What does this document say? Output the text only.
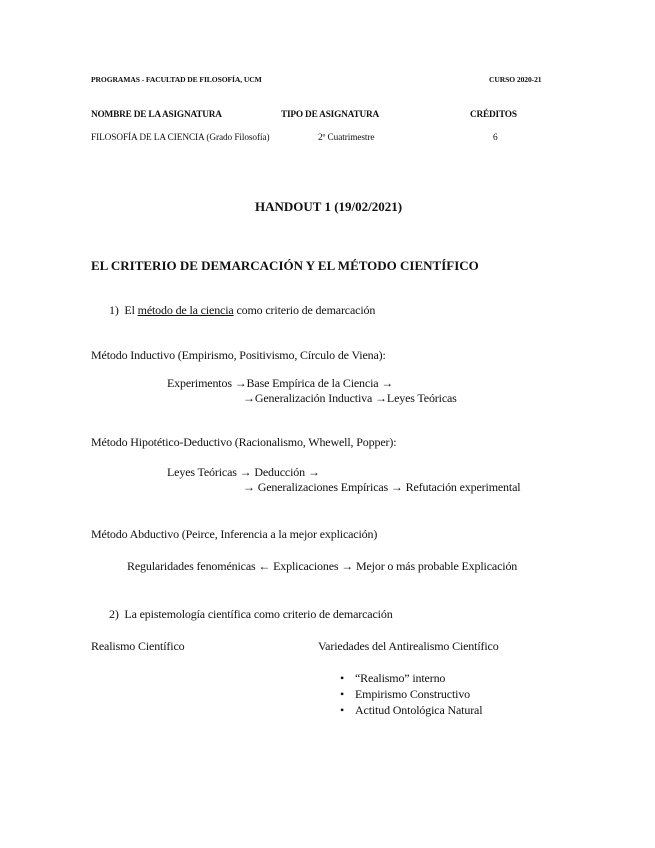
PROGRAMAS - FACULTAD DE FILOSOFÍA, UCM	CURSO 2020-21
NOMBRE DE LA ASIGNATURA	TIPO DE ASIGNATURA	CRÉDITOS
FILOSOFÍA DE LA CIENCIA (Grado Filosofía)	2º Cuatrimestre	6
HANDOUT 1 (19/02/2021)
EL CRITERIO DE DEMARCACIÓN Y EL MÉTODO CIENTÍFICO
1) El método de la ciencia como criterio de demarcación
Método Inductivo (Empirismo, Positivismo, Círculo de Viena):
Experimentos →Base Empírica de la Ciencia →
→Generalización Inductiva →Leyes Teóricas
Método Hipotético-Deductivo (Racionalismo, Whewell, Popper):
Leyes Teóricas → Deducción →
→ Generalizaciones Empíricas → Refutación experimental
Método Abductivo (Peirce, Inferencia a la mejor explicación)
Regularidades fenoménicas ← Explicaciones → Mejor o más probable Explicación
2) La epistemología científica como criterio de demarcación
Realismo Científico	Variedades del Antirealismo Científico
• “Realismo” interno
• Empirismo Constructivo
• Actitud Ontológica Natural
